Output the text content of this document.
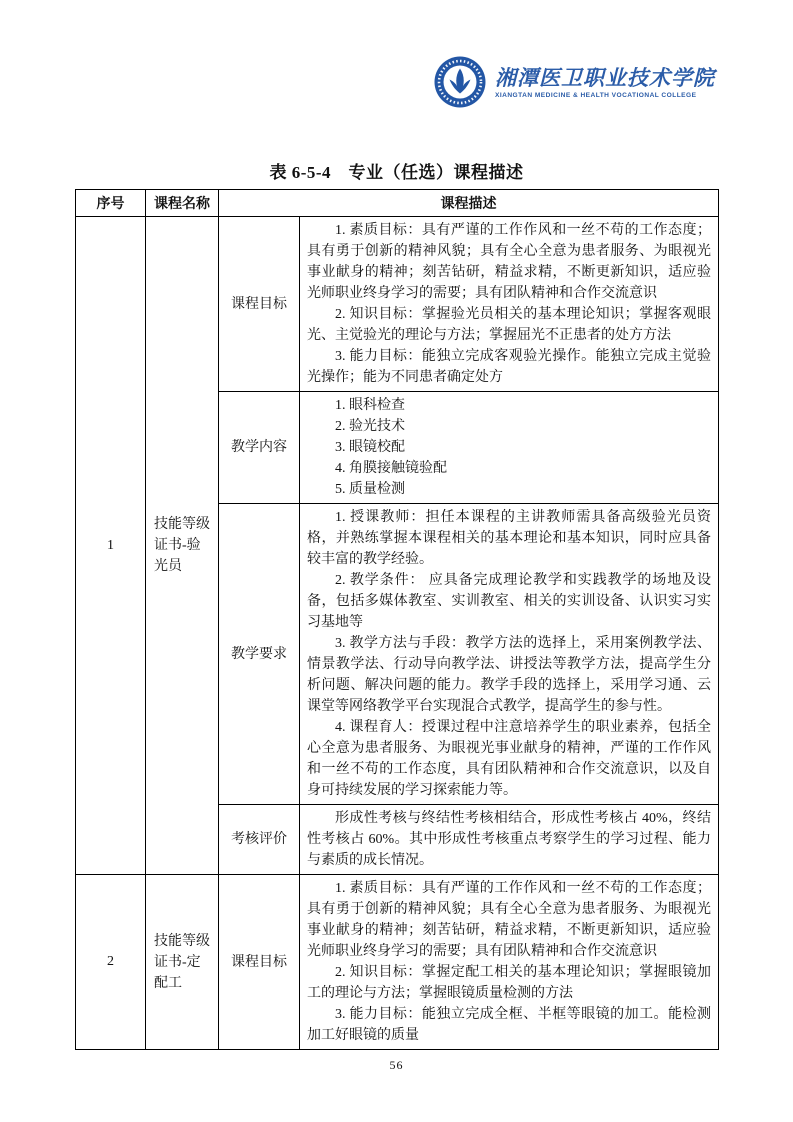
湘潭医卫职业技术学院
XIANGTAN MEDICINE & HEALTH VOCATIONAL COLLEGE
表 6-5-4　专业（任选）课程描述
序号	课程名称	课程描述	
1	技能等级证书-验光员	课程目标	1. 素质目标：具有严谨的工作作风和一丝不苟的工作态度；具有勇于创新的精神风貌；具有全心全意为患者服务、为眼视光事业献身的精神；刻苦钻研，精益求精，不断更新知识，适应验光师职业终身学习的需要；具有团队精神和合作交流意识

2. 知识目标：掌握验光员相关的基本理论知识；掌握客观眼光、主觉验光的理论与方法；掌握屈光不正患者的处方方法

3. 能力目标：能独立完成客观验光操作。能独立完成主觉验光操作；能为不同患者确定处方

		教学内容	1. 眼科检查

2. 验光技术

3. 眼镜校配

4. 角膜接触镜验配

5. 质量检测

		教学要求	1. 授课教师：担任本课程的主讲教师需具备高级验光员资格，并熟练掌握本课程相关的基本理论和基本知识，同时应具备较丰富的教学经验。

2. 教学条件： 应具备完成理论教学和实践教学的场地及设备，包括多媒体教室、实训教室、相关的实训设备、认识实习实习基地等

3. 教学方法与手段：教学方法的选择上，采用案例教学法、情景教学法、行动导向教学法、讲授法等教学方法，提高学生分析问题、解决问题的能力。教学手段的选择上，采用学习通、云课堂等网络教学平台实现混合式教学，提高学生的参与性。

4. 课程育人：授课过程中注意培养学生的职业素养，包括全心全意为患者服务、为眼视光事业献身的精神，严谨的工作作风和一丝不苟的工作态度，具有团队精神和合作交流意识，以及自身可持续发展的学习探索能力等。

		考核评价	形成性考核与终结性考核相结合，形成性考核占 40%，终结性考核占 60%。其中形成性考核重点考察学生的学习过程、能力与素质的成长情况。

2	技能等级证书-定配工	课程目标	1. 素质目标：具有严谨的工作作风和一丝不苟的工作态度；具有勇于创新的精神风貌；具有全心全意为患者服务、为眼视光事业献身的精神；刻苦钻研，精益求精，不断更新知识，适应验光师职业终身学习的需要；具有团队精神和合作交流意识

2. 知识目标：掌握定配工相关的基本理论知识；掌握眼镜加工的理论与方法；掌握眼镜质量检测的方法

3. 能力目标：能独立完成全框、半框等眼镜的加工。能检测加工好眼镜的质量

56
